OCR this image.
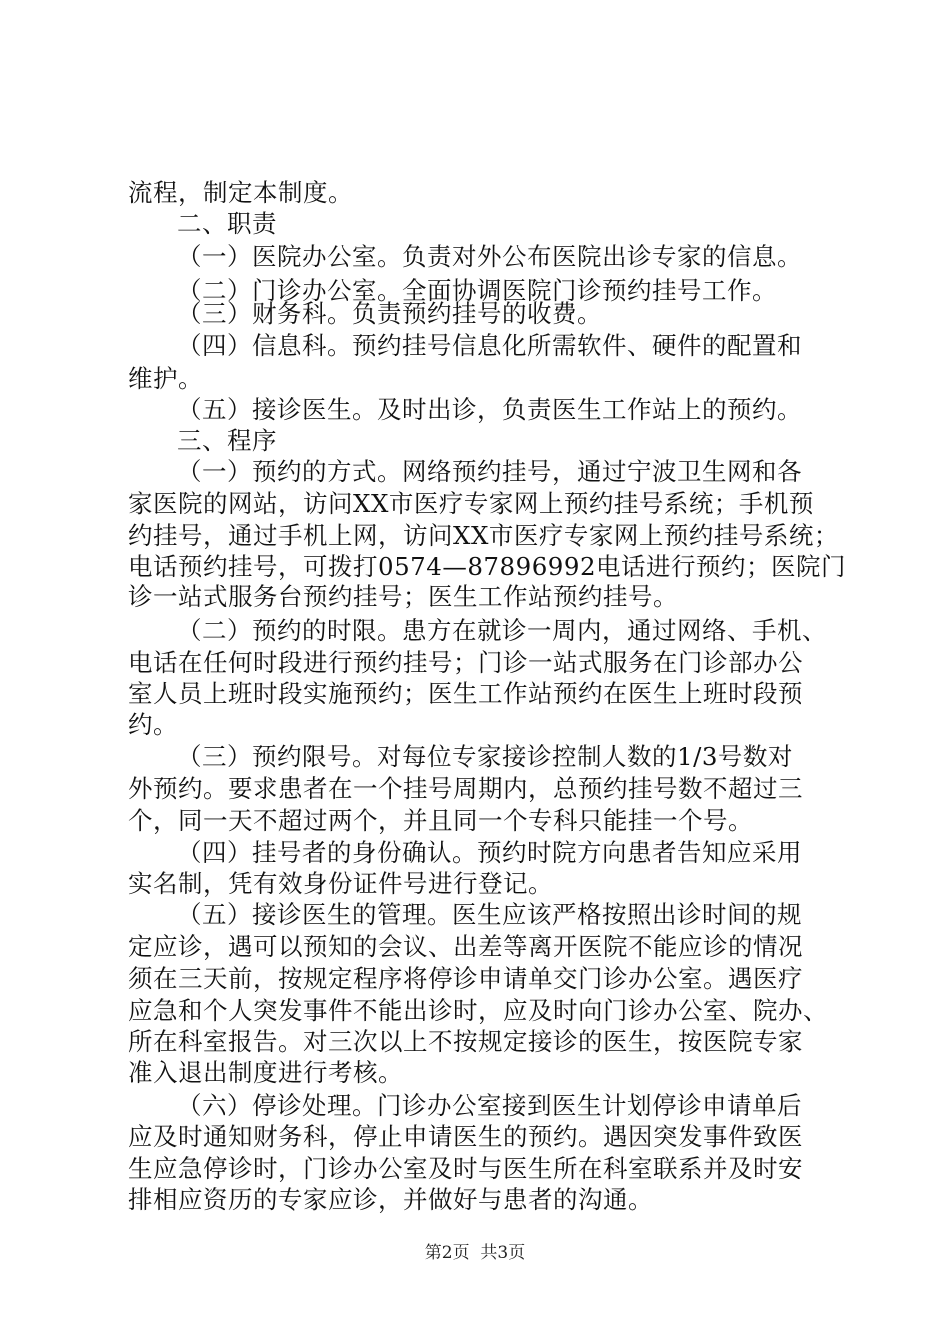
流程，制定本制度。
二、职责
（一）医院办公室。负责对外公布医院出诊专家的信息。
（二）门诊办公室。全面协调医院门诊预约挂号工作。
（三）财务科。负责预约挂号的收费。
（四）信息科。预约挂号信息化所需软件、硬件的配置和
维护。
（五）接诊医生。及时出诊，负责医生工作站上的预约。
三、程序
（一）预约的方式。网络预约挂号，通过宁波卫生网和各
家医院的网站，访问XX市医疗专家网上预约挂号系统；手机预
约挂号，通过手机上网，访问XX市医疗专家网上预约挂号系统；
电话预约挂号，可拨打0574—87896992电话进行预约；医院门
诊一站式服务台预约挂号；医生工作站预约挂号。
（二）预约的时限。患方在就诊一周内，通过网络、手机、
电话在任何时段进行预约挂号；门诊一站式服务在门诊部办公
室人员上班时段实施预约；医生工作站预约在医生上班时段预
约。
（三）预约限号。对每位专家接诊控制人数的1/3号数对
外预约。要求患者在一个挂号周期内，总预约挂号数不超过三
个，同一天不超过两个，并且同一个专科只能挂一个号。
（四）挂号者的身份确认。预约时院方向患者告知应采用
实名制，凭有效身份证件号进行登记。
（五）接诊医生的管理。医生应该严格按照出诊时间的规
定应诊，遇可以预知的会议、出差等离开医院不能应诊的情况
须在三天前，按规定程序将停诊申请单交门诊办公室。遇医疗
应急和个人突发事件不能出诊时，应及时向门诊办公室、院办、
所在科室报告。对三次以上不按规定接诊的医生，按医院专家
准入退出制度进行考核。
（六）停诊处理。门诊办公室接到医生计划停诊申请单后
应及时通知财务科，停止申请医生的预约。遇因突发事件致医
生应急停诊时，门诊办公室及时与医生所在科室联系并及时安
排相应资历的专家应诊，并做好与患者的沟通。
第2页  共3页
